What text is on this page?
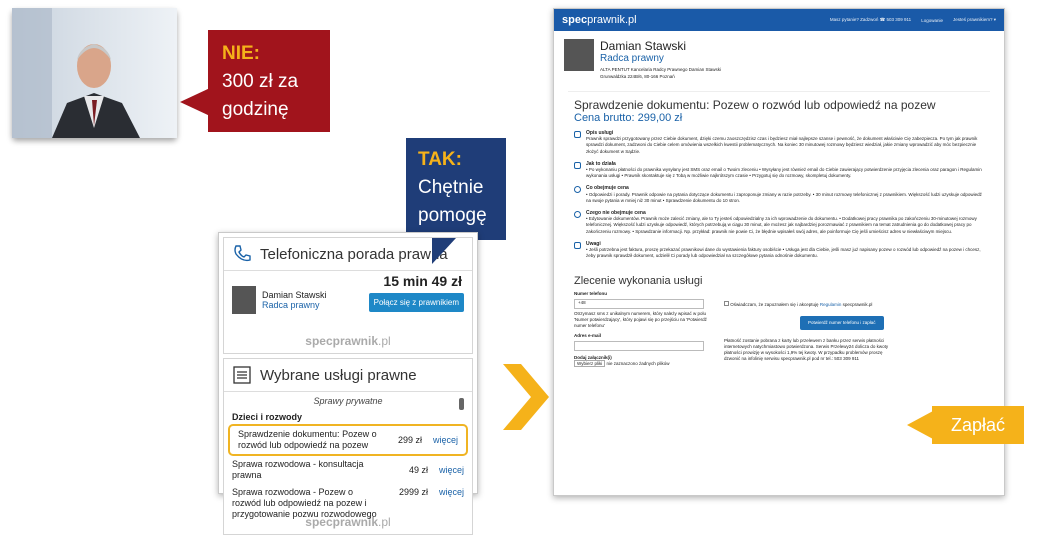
NIE:
300 zł za
godzinę
TAK:
Chętnie
pomogę
Telefoniczna porada prawna
Damian Stawski
Radca prawny
15 min 49 zł
Połącz się z prawnikiem
specprawnik.pl
Wybrane usługi prawne
Sprawy prywatne
Dzieci i rozwody
Sprawdzenie dokumentu: Pozew o rozwód lub odpowiedź na pozew	299 zł	więcej
Sprawa rozwodowa - konsultacja prawna	49 zł	więcej
Sprawa rozwodowa - Pozew o rozwód lub odpowiedź na pozew i przygotowanie pozwu rozwodowego
2999 zł	więcej
specprawnik.pl
specprawnik.pl	Masz pytanie? Zadzwoń ☎ 503 309 911 Logowanie Jesteś prawnikiem? ▾
Damian Stawski
Radca prawny
ALTA PENTUT Kancelaria Radcy Prawnego Damian Stawski
Grunwaldzka 224B/6, 80-166 Poznań
Sprawdzenie dokumentu: Pozew o rozwód lub odpowiedź na pozew
Cena brutto: 299,00 zł
Opis usługi
Prawnik sprawdzi przygotowany przez Ciebie dokument, dzięki czemu zaoszczędzisz czas i będziesz miał najlepsze szanse i pewność, że dokument właściwie Cię zabezpiecza. Po tym jak prawnik sprawdzi dokument, zadzwoni do Ciebie celem omówienia wszelkich kwestii problematycznych. Na koniec 30 minutowej rozmowy będziesz wiedział, jakie zmiany wprowadzić aby móc bezpiecznie złożyć dokument w Sądzie.
Jak to działa
• Po wykonaniu płatności do prawnika wysyłany jest SMS oraz email o Twoim zleceniu • Wysyłany jest również email do Ciebie zawierający potwierdzenie przyjęcia zlecenia oraz paragon i Regulamin wykonania usługi • Prawnik skontaktuje się z Tobą w możliwie najkrótszym czasie • Przygotuj się do rozmowy, skompletuj dokumenty.
Co obejmuje cena
• Odpowiedzi i porady. Prawnik odpowie na pytania dotyczące dokumentu i zaproponuje zmiany w razie potrzeby. • 30 minut rozmowy telefonicznej z prawnikiem. Większość ludzi uzyskuje odpowiedź na swoje pytania w mniej niż 30 minut • Sprawdzenie dokumentu do 10 stron.
Czego nie obejmuje cena
• Edytowanie dokumentów. Prawnik może zalecić zmiany, ale to Ty jesteś odpowiedzialny za ich wprowadzenie do dokumentu. • Dodatkowej pracy prawnika po zakończeniu 30-minutowej rozmowy telefonicznej. Większość ludzi uzyskuje odpowiedź, których potrzebują w ciągu 30 minut, ale możesz jak najbardziej porozmawiać z prawnikiem na temat zatrudnienia go do dodatkowej pracy po zakończeniu rozmowy. • Sprawdzanie informacji. Np. przykład: prawnik nie powie Ci, że błędnie wpisałeś swój adres, ale poinformuje Cię jeśli umieścisz adres w niewłaściwym miejscu.
Uwagi
• Jeśli potrzebna jest faktura, proszę przekazać prawnikowi dane do wystawienia faktury osobiście • Usługa jest dla Ciebie, jeśli masz już napisany pozew o rozwód lub odpowiedź na pozew i chcesz, żeby prawnik sprawdził dokument, udzielił Ci porady lub odpowiedział na szczegółowe pytania odnośnie dokumentu.
Zlecenie wykonania usługi
Numer telefonu
+48
Otrzymasz sms z unikalnym numerem, który należy wpisać w polu 'Numer potwierdzający', który pojawi się po przejściu na 'Potwierdź numer telefonu'
Adres e-mail
Dodaj załącznik(i)
Wybierz pliki nie zaznaczono żadnych plików
Oświadczam, że zapoznałem się i akceptuję Regulamin specprawnik.pl
Potwierdź numer telefonu i zapłać
Płatność zostanie pobrana z karty lub przelewem z banku przez serwis płatności internetowych natychmiastowo potwierdzona. Serwis Przelewy24 dolicza do kwoty płatności prowizję w wysokości 1,9% tej kwoty. W przypadku problemów proszę dzwonić na infolinię serwisu specprawnik.pl pod nr tel.: 503 309 911
Zapłać
